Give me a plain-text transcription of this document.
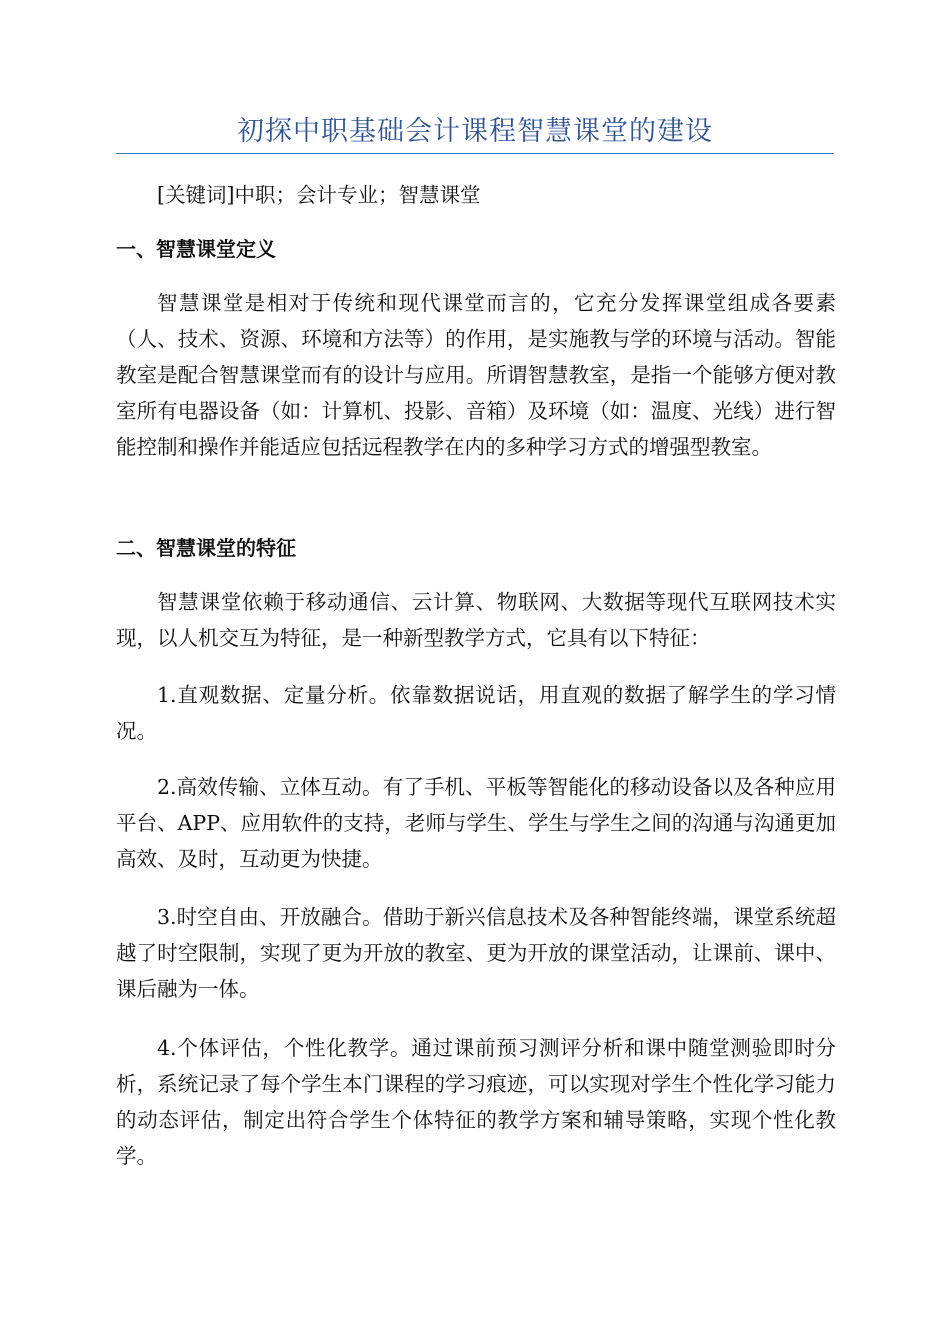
初探中职基础会计课程智慧课堂的建设

[关键词]中职；会计专业；智慧课堂

一、智慧课堂定义

智慧课堂是相对于传统和现代课堂而言的，它充分发挥课堂组成各要素（人、技术、资源、环境和方法等）的作用，是实施教与学的环境与活动。智能教室是配合智慧课堂而有的设计与应用。所谓智慧教室，是指一个能够方便对教室所有电器设备（如：计算机、投影、音箱）及环境（如：温度、光线）进行智能控制和操作并能适应包括远程教学在内的多种学习方式的增强型教室。

二、智慧课堂的特征

智慧课堂依赖于移动通信、云计算、物联网、大数据等现代互联网技术实现，以人机交互为特征，是一种新型教学方式，它具有以下特征：

1.直观数据、定量分析。依靠数据说话，用直观的数据了解学生的学习情况。

2.高效传输、立体互动。有了手机、平板等智能化的移动设备以及各种应用平台、APP、应用软件的支持，老师与学生、学生与学生之间的沟通与沟通更加高效、及时，互动更为快捷。

3.时空自由、开放融合。借助于新兴信息技术及各种智能终端，课堂系统超越了时空限制，实现了更为开放的教室、更为开放的课堂活动，让课前、课中、课后融为一体。

4.个体评估，个性化教学。通过课前预习测评分析和课中随堂测验即时分析，系统记录了每个学生本门课程的学习痕迹，可以实现对学生个性化学习能力的动态评估，制定出符合学生个体特征的教学方案和辅导策略，实现个性化教学。
